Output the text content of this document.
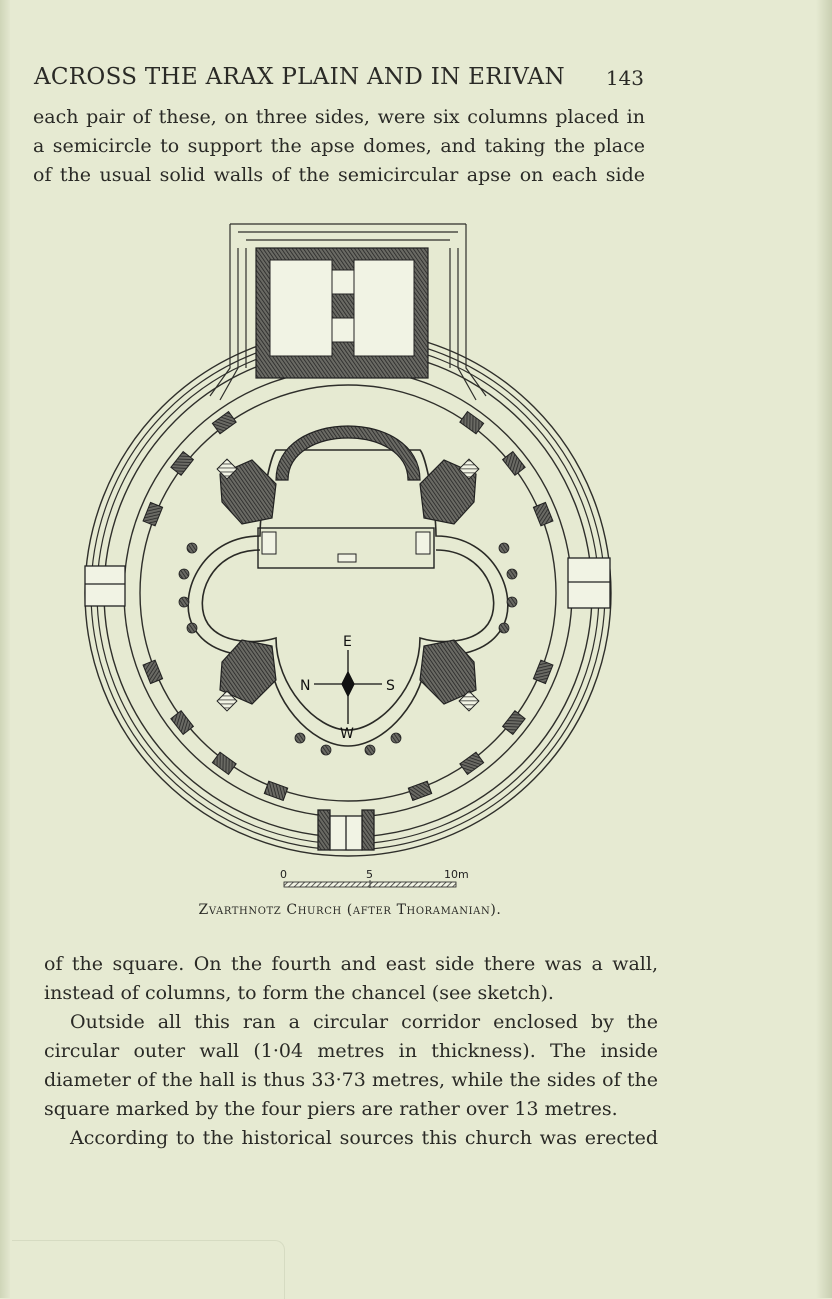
ACROSS THE ARAX PLAIN AND IN ERIVAN 143
each pair of these, on three sides, were six columns placed in
a semicircle to support the apse domes, and taking the place
of the usual solid walls of the semicircular apse on each side
E
N	S
W
0	5	10m
Zvarthnotz Church (after Thoramanian).
of the square. On the fourth and east side there was a wall,
instead of columns, to form the chancel (see sketch).
Outside all this ran a circular corridor enclosed by the
circular outer wall (1·04 metres in thickness). The inside
diameter of the hall is thus 33·73 metres, while the sides of the
square marked by the four piers are rather over 13 metres.
According to the historical sources this church was erected
